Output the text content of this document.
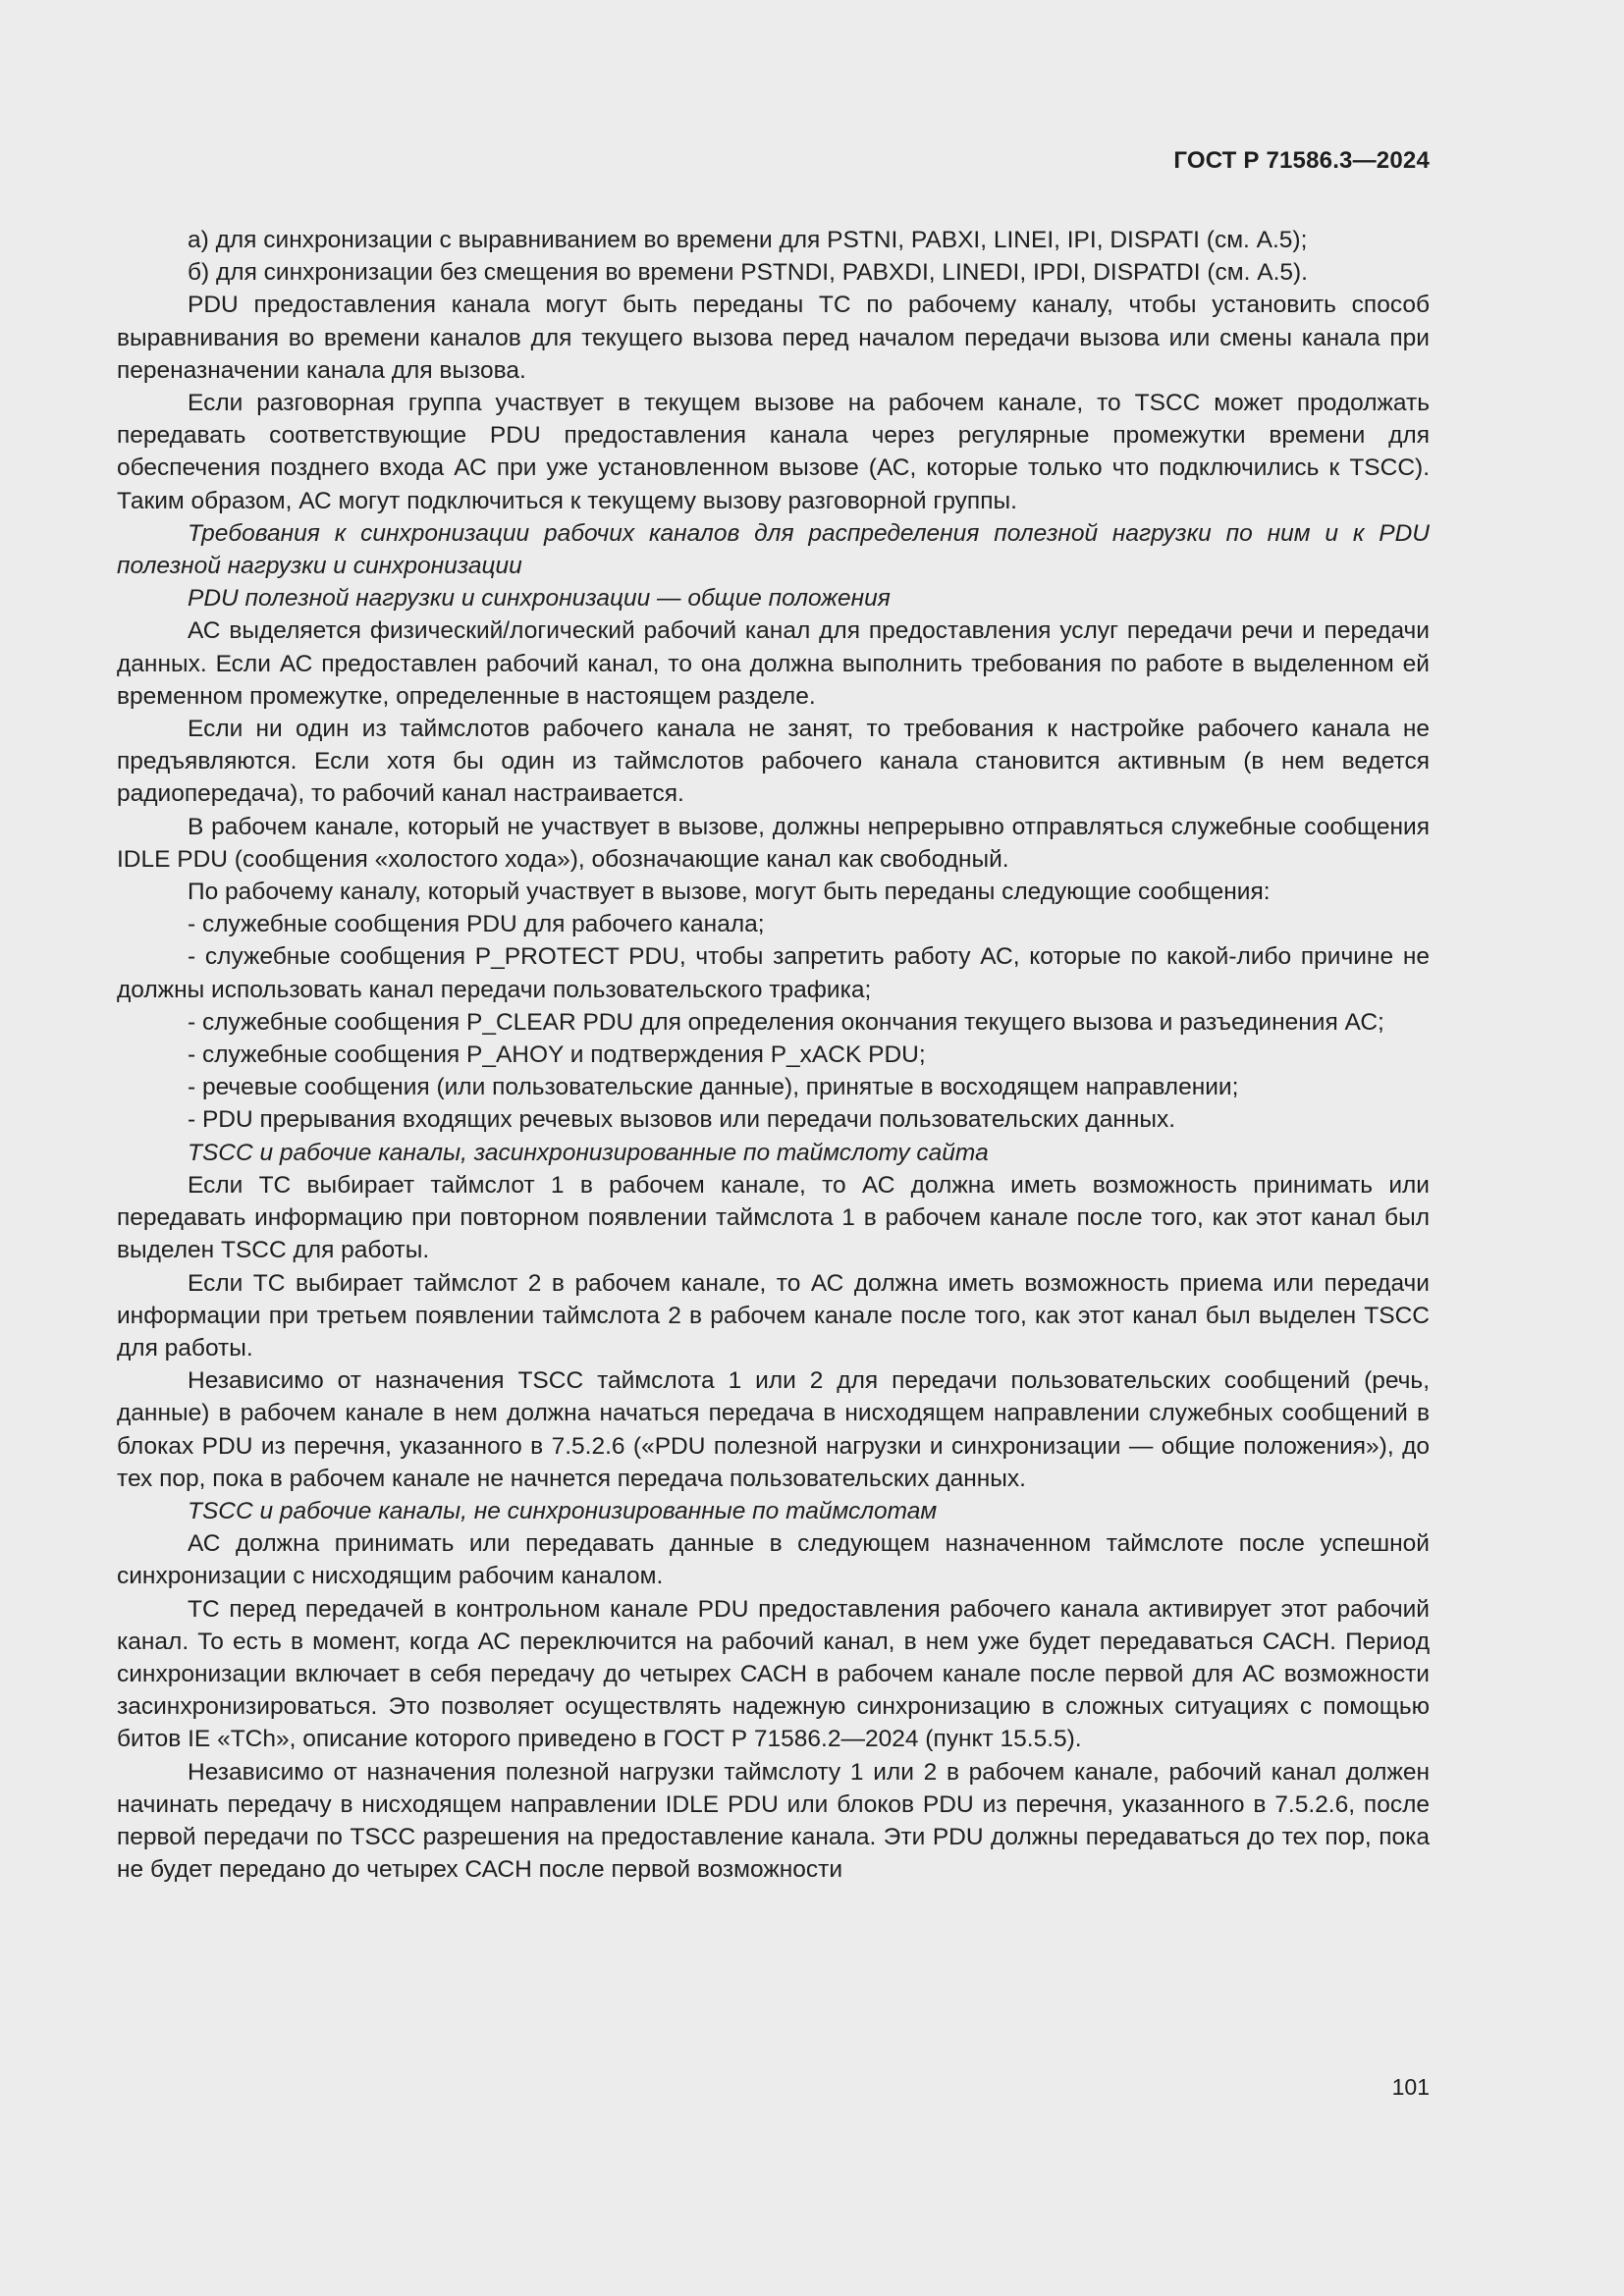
ГОСТ Р 71586.3—2024

а) для синхронизации с выравниванием во времени для PSTNI, PABXI, LINEI, IPI, DISPATI (см. А.5);

б) для синхронизации без смещения во времени PSTNDI, PABXDI, LINEDI, IPDI, DISPATDI (см. А.5).

PDU предоставления канала могут быть переданы ТС по рабочему каналу, чтобы установить способ выравнивания во времени каналов для текущего вызова перед началом передачи вызова или смены канала при переназначении канала для вызова.

Если разговорная группа участвует в текущем вызове на рабочем канале, то TSCC может продолжать передавать соответствующие PDU предоставления канала через регулярные промежутки времени для обеспечения позднего входа АС при уже установленном вызове (АС, которые только что подключились к TSCC). Таким образом, АС могут подключиться к текущему вызову разговорной группы.

Требования к синхронизации рабочих каналов для распределения полезной нагрузки по ним и к PDU полезной нагрузки и синхронизации

PDU полезной нагрузки и синхронизации — общие положения

АС выделяется физический/логический рабочий канал для предоставления услуг передачи речи и передачи данных. Если АС предоставлен рабочий канал, то она должна выполнить требования по работе в выделенном ей временном промежутке, определенные в настоящем разделе.

Если ни один из таймслотов рабочего канала не занят, то требования к настройке рабочего канала не предъявляются. Если хотя бы один из таймслотов рабочего канала становится активным (в нем ведется радиопередача), то рабочий канал настраивается.

В рабочем канале, который не участвует в вызове, должны непрерывно отправляться служебные сообщения IDLE PDU (сообщения «холостого хода»), обозначающие канал как свободный.

По рабочему каналу, который участвует в вызове, могут быть переданы следующие сообщения:

- служебные сообщения PDU для рабочего канала;

- служебные сообщения P_PROTECT PDU, чтобы запретить работу АС, которые по какой-либо причине не должны использовать канал передачи пользовательского трафика;

- служебные сообщения P_CLEAR PDU для определения окончания текущего вызова и разъединения АС;

- служебные сообщения P_AHOY и подтверждения P_xACK PDU;

- речевые сообщения (или пользовательские данные), принятые в восходящем направлении;

- PDU прерывания входящих речевых вызовов или передачи пользовательских данных.

TSCC и рабочие каналы, засинхронизированные по таймслоту сайта

Если ТС выбирает таймслот 1 в рабочем канале, то АС должна иметь возможность принимать или передавать информацию при повторном появлении таймслота 1 в рабочем канале после того, как этот канал был выделен TSCC для работы.

Если ТС выбирает таймслот 2 в рабочем канале, то АС должна иметь возможность приема или передачи информации при третьем появлении таймслота 2 в рабочем канале после того, как этот канал был выделен TSCC для работы.

Независимо от назначения TSCC таймслота 1 или 2 для передачи пользовательских сообщений (речь, данные) в рабочем канале в нем должна начаться передача в нисходящем направлении служебных сообщений в блоках PDU из перечня, указанного в 7.5.2.6 («PDU полезной нагрузки и синхронизации — общие положения»), до тех пор, пока в рабочем канале не начнется передача пользовательских данных.

TSCC и рабочие каналы, не синхронизированные по таймслотам

АС должна принимать или передавать данные в следующем назначенном таймслоте после успешной синхронизации с нисходящим рабочим каналом.

ТС перед передачей в контрольном канале PDU предоставления рабочего канала активирует этот рабочий канал. То есть в момент, когда АС переключится на рабочий канал, в нем уже будет передаваться САСН. Период синхронизации включает в себя передачу до четырех САСН в рабочем канале после первой для АС возможности засинхронизироваться. Это позволяет осуществлять надежную синхронизацию в сложных ситуациях с помощью битов IE «TCh», описание которого приведено в ГОСТ Р 71586.2—2024 (пункт 15.5.5).

Независимо от назначения полезной нагрузки таймслоту 1 или 2 в рабочем канале, рабочий канал должен начинать передачу в нисходящем направлении IDLE PDU или блоков PDU из перечня, указанного в 7.5.2.6, после первой передачи по TSCC разрешения на предоставление канала. Эти PDU должны передаваться до тех пор, пока не будет передано до четырех САСН после первой возможности

101
